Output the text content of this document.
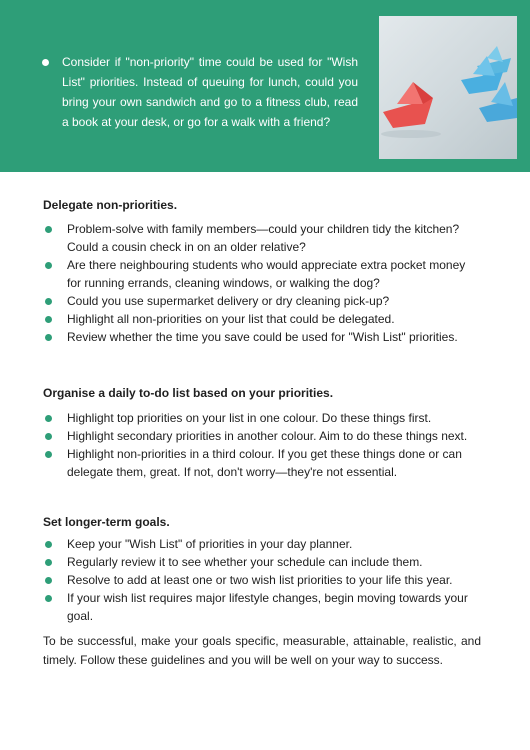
Consider if "non-priority" time could be used for "Wish List" priorities. Instead of queuing for lunch, could you bring your own sandwich and go to a fitness club, read a book at your desk, or go for a walk with a friend?
Delegate non-priorities.
Problem-solve with family members—could your children tidy the kitchen? Could a cousin check in on an older relative?
Are there neighbouring students who would appreciate extra pocket money for running errands, cleaning windows, or walking the dog?
Could you use supermarket delivery or dry cleaning pick-up?
Highlight all non-priorities on your list that could be delegated.
Review whether the time you save could be used for "Wish List" priorities.
Organise a daily to-do list based on your priorities.
Highlight top priorities on your list in one colour. Do these things first.
Highlight secondary priorities in another colour. Aim to do these things next.
Highlight non-priorities in a third colour. If you get these things done or can delegate them, great. If not, don't worry—they're not essential.
Set longer-term goals.
Keep your "Wish List" of priorities in your day planner.
Regularly review it to see whether your schedule can include them.
Resolve to add at least one or two wish list priorities to your life this year.
If your wish list requires major lifestyle changes, begin moving towards your goal.
To be successful, make your goals specific, measurable, attainable, realistic, and timely. Follow these guidelines and you will be well on your way to success.
